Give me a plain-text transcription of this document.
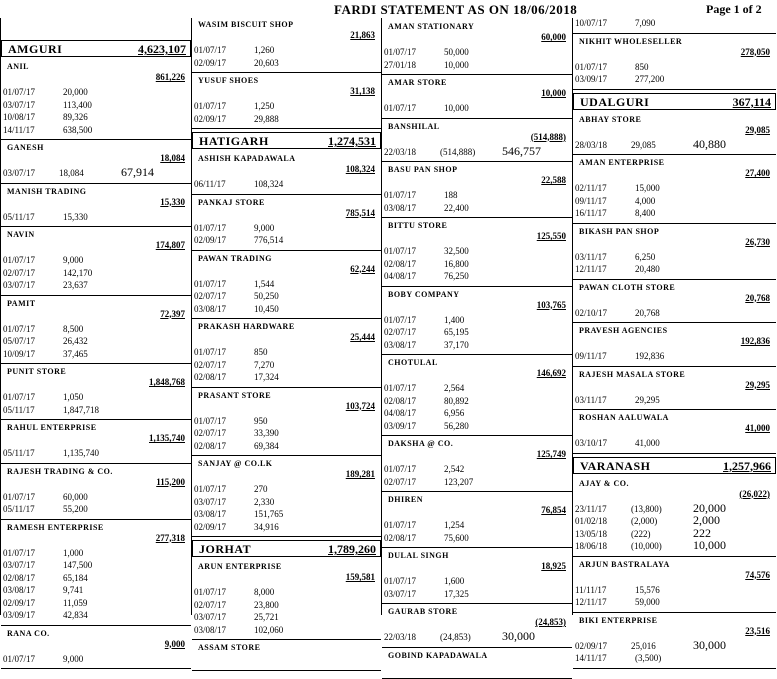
FARDI STATEMENT AS ON 18/06/2018	Page 1 of 2
AMGURI	4,623,107
ANIL
861,226
01/07/17	20,000
03/07/17	113,400
10/08/17	89,326
14/11/17	638,500
GANESH
18,084
03/07/17	18,084	67,914
MANISH TRADING
15,330
05/11/17	15,330
NAVIN
174,807
01/07/17	9,000
02/07/17	142,170
03/07/17	23,637
PAMIT
72,397
01/07/17	8,500
05/07/17	26,432
10/09/17	37,465
PUNIT STORE
1,848,768
01/07/17	1,050
05/11/17	1,847,718
RAHUL ENTERPRISE
1,135,740
05/11/17	1,135,740
RAJESH TRADING & CO.
115,200
01/07/17	60,000
05/11/17	55,200
RAMESH ENTERPRISE
277,318
01/07/17	1,000
03/07/17	147,500
02/08/17	65,184
03/08/17	9,741
02/09/17	11,059
03/09/17	42,834
RANA CO.
9,000
01/07/17	9,000
WASIM BISCUIT SHOP
21,863
01/07/17	1,260
02/09/17	20,603
YUSUF SHOES
31,138
01/07/17	1,250
02/09/17	29,888
HATIGARH	1,274,531
ASHISH KAPADAWALA
108,324
06/11/17	108,324
PANKAJ STORE
785,514
01/07/17	9,000
02/09/17	776,514
PAWAN TRADING
62,244
01/07/17	1,544
02/07/17	50,250
03/08/17	10,450
PRAKASH HARDWARE
25,444
01/07/17	850
02/07/17	7,270
02/08/17	17,324
PRASANT STORE
103,724
01/07/17	950
02/07/17	33,390
02/08/17	69,384
SANJAY @ CO.LK
189,281
01/07/17	270
03/07/17	2,330
03/08/17	151,765
02/09/17	34,916
JORHAT	1,789,260
ARUN ENTERPRISE
159,581
01/07/17	8,000
02/07/17	23,800
03/07/17	25,721
03/08/17	102,060
ASSAM STORE
AMAN STATIONARY
60,000
01/07/17	50,000
27/01/18	10,000
AMAR STORE
10,000
01/07/17	10,000
BANSHILAL
(514,888)
22/03/18	(514,888) 546,757
BASU PAN SHOP
22,588
01/07/17	188
03/08/17	22,400
BITTU STORE
125,550
01/07/17	32,500
02/08/17	16,800
04/08/17	76,250
BOBY COMPANY
103,765
01/07/17	1,400
02/07/17	65,195
03/08/17	37,170
CHOTULAL
146,692
01/07/17	2,564
02/08/17	80,892
04/08/17	6,956
03/09/17	56,280
DAKSHA @ CO.
125,749
01/07/17	2,542
02/07/17	123,207
DHIREN
76,854
01/07/17	1,254
02/08/17	75,600
DULAL SINGH
18,925
01/07/17	1,600
03/07/17	17,325
GAURAB STORE
(24,853)
22/03/18	(24,853)	30,000
GOBIND KAPADAWALA
10/07/17	7,090
NIKHIT WHOLESELLER
278,050
01/07/17	850
03/09/17	277,200
UDALGURI	367,114
ABHAY STORE
29,085
28/03/18	29,085	40,880
AMAN ENTERPRISE
27,400
02/11/17	15,000
09/11/17	4,000
16/11/17	8,400
BIKASH PAN SHOP
26,730
03/11/17	6,250
12/11/17	20,480
PAWAN CLOTH STORE
20,768
02/10/17	20,768
PRAVESH AGENCIES
192,836
09/11/17	192,836
RAJESH MASALA STORE
29,295
03/11/17	29,295
ROSHAN AALUWALA
41,000
03/10/17	41,000
VARANASH	1,257,966
AJAY & CO.
(26,022)
23/11/17	(13,800)	20,000
01/02/18	(2,000)	2,000
13/05/18	(222)	222
18/06/18	(10,000)	10,000
ARJUN BASTRALAYA
74,576
11/11/17	15,576
12/11/17	59,000
BIKI ENTERPRISE
23,516
02/09/17	25,016	30,000
14/11/17	(3,500)
